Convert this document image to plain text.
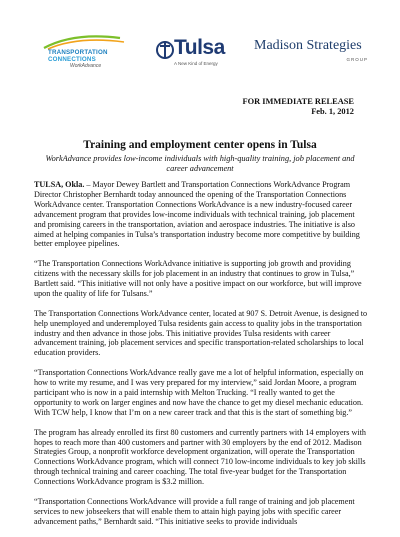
TRANSPORTATION
CONNECTIONS
WorkAdvance
Tulsa
A New Kind of Energy
Madison Strategies
GROUP
FOR IMMEDIATE RELEASE
Feb. 1, 2012
Training and employment center opens in Tulsa
WorkAdvance provides low-income individuals with high-quality training, job placement and career advancement

TULSA, Okla. – Mayor Dewey Bartlett and Transportation Connections WorkAdvance Program Director Christopher Bernhardt today announced the opening of the Transportation Connections WorkAdvance center. Transportation Connections WorkAdvance is a new industry-focused career advancement program that provides low-income individuals with technical training, job placement and promising careers in the transportation, aviation and aerospace industries. The initiative is also aimed at helping companies in Tulsa’s transportation industry become more competitive by building better employee pipelines.

“The Transportation Connections WorkAdvance initiative is supporting job growth and providing citizens with the necessary skills for job placement in an industry that continues to grow in Tulsa,” Bartlett said. “This initiative will not only have a positive impact on our workforce, but will improve upon the quality of life for Tulsans.”

The Transportation Connections WorkAdvance center, located at 907 S. Detroit Avenue, is designed to help unemployed and underemployed Tulsa residents gain access to quality jobs in the transportation industry and then advance in those jobs. This initiative provides Tulsa residents with career advancement training, job placement services and specific transportation-related scholarships to local education providers.

“Transportation Connections WorkAdvance really gave me a lot of helpful information, especially on how to write my resume, and I was very prepared for my interview,” said Jordan Moore, a program participant who is now in a paid internship with Melton Trucking. “I really wanted to get the opportunity to work on larger engines and now have the chance to get my diesel mechanic education. With TCW help, I know that I’m on a new career track and that this is the start of something big.”

The program has already enrolled its first 80 customers and currently partners with 14 employers with hopes to reach more than 400 customers and partner with 30 employers by the end of 2012. Madison Strategies Group, a nonprofit workforce development organization, will operate the Transportation Connections WorkAdvance program, which will connect 710 low-income individuals to key job skills through technical training and career coaching. The total five-year budget for the Transportation Connections WorkAdvance program is $3.2 million.

“Transportation Connections WorkAdvance will provide a full range of training and job placement services to new jobseekers that will enable them to attain high paying jobs with specific career advancement paths,” Bernhardt said. “This initiative seeks to provide individuals
